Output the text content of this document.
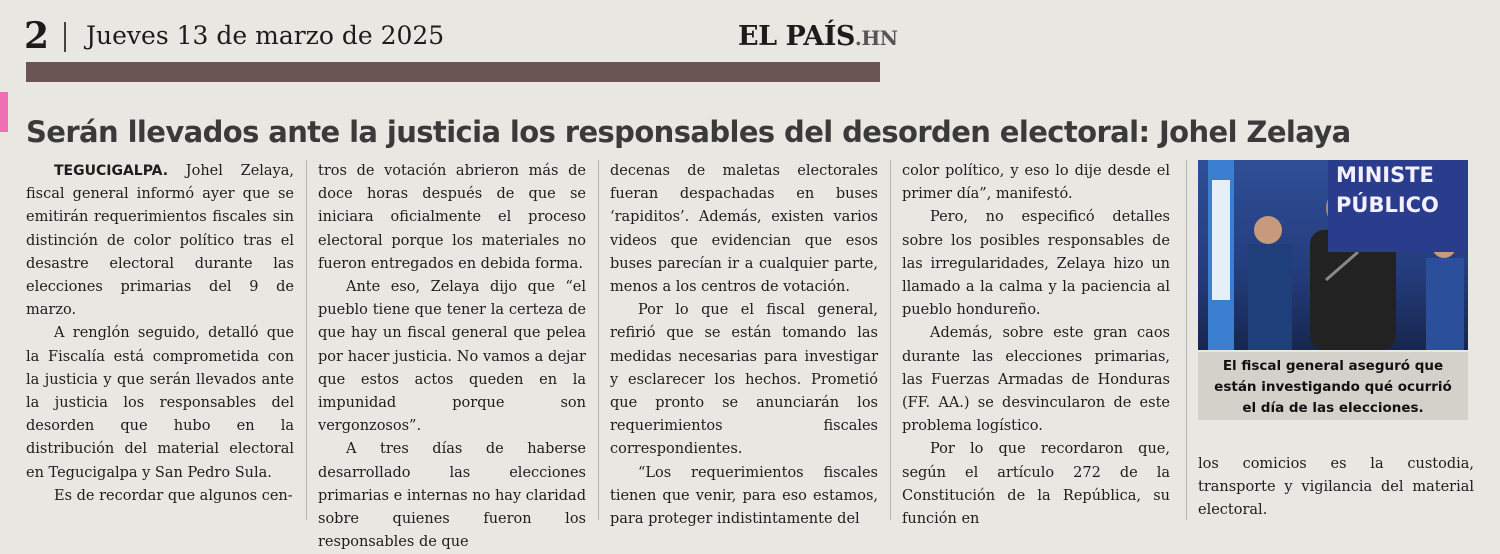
2 Jueves 13 de marzo de 2025	EL PAÍS.HN
Serán llevados ante la justicia los responsables del desorden electoral: Johel Zelaya

TEGUCIGALPA. Johel Zelaya, fiscal general informó ayer que se emitirán requerimientos fiscales sin distinción de color político tras el desastre electoral durante las elecciones primarias del 9 de marzo.

A renglón seguido, detalló que la Fiscalía está comprometida con la justicia y que serán llevados ante la justicia los responsables del desorden que hubo en la distribución del material electoral en Tegucigalpa y San Pedro Sula.

Es de recordar que algunos cen-

tros de votación abrieron más de doce horas después de que se iniciara oficialmente el proceso electoral porque los materiales no fueron entregados en debida forma.

Ante eso, Zelaya dijo que “el pueblo tiene que tener la certeza de que hay un fiscal general que pelea por hacer justicia. No vamos a dejar que estos actos queden en la impunidad porque son vergonzosos”.

A tres días de haberse desarrollado las elecciones primarias e internas no hay claridad sobre quienes fueron los responsables de que

decenas de maletas electorales fueran despachadas en buses ‘rapiditos’. Además, existen varios videos que evidencian que esos buses parecían ir a cualquier parte, menos a los centros de votación.

Por lo que el fiscal general, refirió que se están tomando las medidas necesarias para investigar y esclarecer los hechos. Prometió que pronto se anunciarán los requerimientos fiscales correspondientes.

“Los requerimientos fiscales tienen que venir, para eso estamos, para proteger indistintamente del

color político, y eso lo dije desde el primer día”, manifestó.

Pero, no especificó detalles sobre los posibles responsables de las irregularidades, Zelaya hizo un llamado a la calma y la paciencia al pueblo hondureño.

Además, sobre este gran caos durante las elecciones primarias, las Fuerzas Armadas de Honduras (FF. AA.) se desvincularon de este problema logístico.

Por lo que recordaron que, según el artículo 272 de la Constitución de la República, su función en

MINISTE
PÚBLICO
El fiscal general aseguró que están investigando qué ocurrió el día de las elecciones.

los comicios es la custodia, transporte y vigilancia del material electoral.
